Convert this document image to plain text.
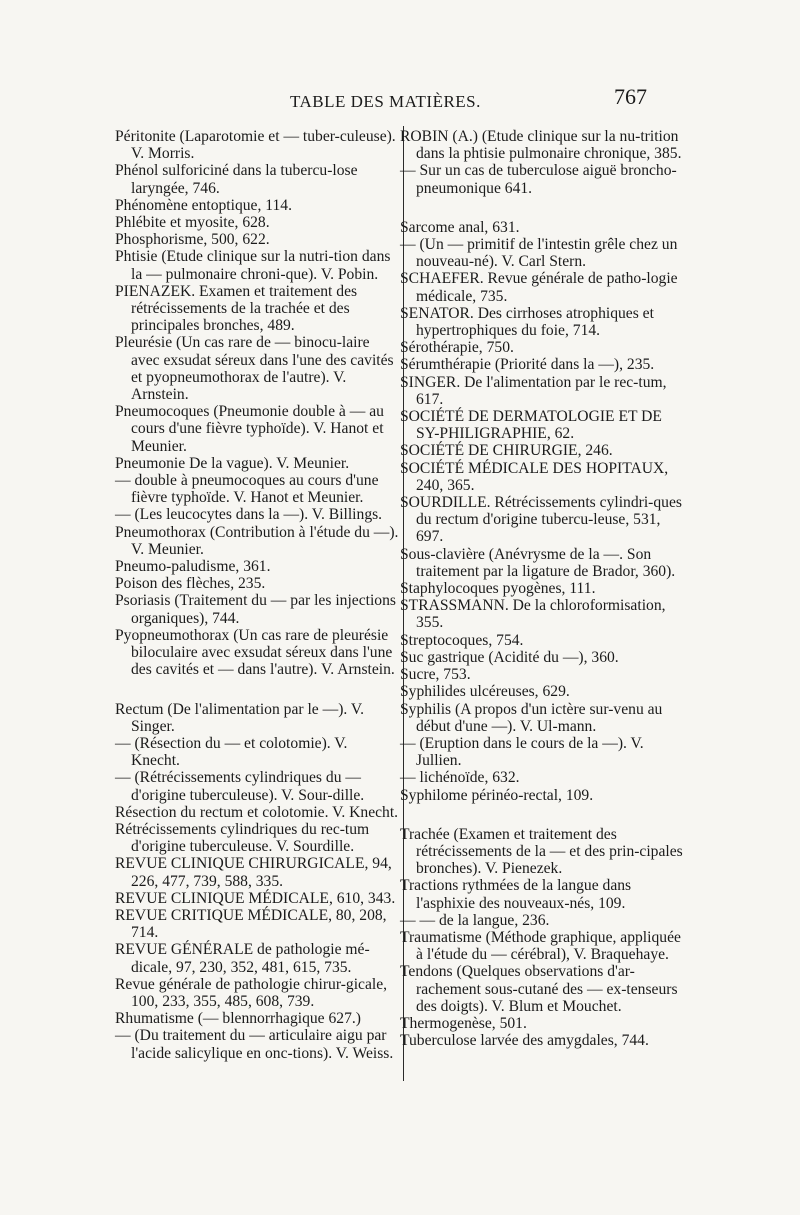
TABLE DES MATIÈRES.	767

Péritonite (Laparotomie et — tuber-culeuse). V. Morris.

Phénol sulforiciné dans la tubercu-lose laryngée, 746.

Phénomène entoptique, 114.

Phlébite et myosite, 628.

Phosphorisme, 500, 622.

Phtisie (Etude clinique sur la nutri-tion dans la — pulmonaire chroni-que). V. Pobin.

PIENAZEK. Examen et traitement des rétrécissements de la trachée et des principales bronches, 489.

Pleurésie (Un cas rare de — binocu-laire avec exsudat séreux dans l'une des cavités et pyopneumothorax de l'autre). V. Arnstein.

Pneumocoques (Pneumonie double à — au cours d'une fièvre typhoïde). V. Hanot et Meunier.

Pneumonie De la vague). V. Meunier.

— double à pneumocoques au cours d'une fièvre typhoïde. V. Hanot et Meunier.

— (Les leucocytes dans la —). V. Billings.

Pneumothorax (Contribution à l'étude du —). V. Meunier.

Pneumo-paludisme, 361.

Poison des flèches, 235.

Psoriasis (Traitement du — par les injections organiques), 744.

Pyopneumothorax (Un cas rare de pleurésie biloculaire avec exsudat séreux dans l'une des cavités et — dans l'autre). V. Arnstein.

Rectum (De l'alimentation par le —). V. Singer.

— (Résection du — et colotomie). V. Knecht.

— (Rétrécissements cylindriques du — d'origine tuberculeuse). V. Sour-dille.

Résection du rectum et colotomie. V. Knecht.

Rétrécissements cylindriques du rec-tum d'origine tuberculeuse. V. Sourdille.

REVUE CLINIQUE CHIRURGICALE, 94, 226, 477, 739, 588, 335.

REVUE CLINIQUE MÉDICALE, 610, 343.

REVUE CRITIQUE MÉDICALE, 80, 208, 714.

REVUE GÉNÉRALE de pathologie mé-dicale, 97, 230, 352, 481, 615, 735.

Revue générale de pathologie chirur-gicale, 100, 233, 355, 485, 608, 739.

Rhumatisme (— blennorrhagique 627.)

— (Du traitement du — articulaire aigu par l'acide salicylique en onc-tions). V. Weiss.

ROBIN (A.) (Etude clinique sur la nu-trition dans la phtisie pulmonaire chronique, 385.

— Sur un cas de tuberculose aiguë broncho-pneumonique 641.

Sarcome anal, 631.

— (Un — primitif de l'intestin grêle chez un nouveau-né). V. Carl Stern.

SCHAEFER. Revue générale de patho-logie médicale, 735.

SENATOR. Des cirrhoses atrophiques et hypertrophiques du foie, 714.

Sérothérapie, 750.

Sérumthérapie (Priorité dans la —), 235.

SINGER. De l'alimentation par le rec-tum, 617.

SOCIÉTÉ DE DERMATOLOGIE ET DE SY-PHILIGRAPHIE, 62.

SOCIÉTÉ DE CHIRURGIE, 246.

SOCIÉTÉ MÉDICALE DES HOPITAUX, 240, 365.

SOURDILLE. Rétrécissements cylindri-ques du rectum d'origine tubercu-leuse, 531, 697.

Sous-clavière (Anévrysme de la —. Son traitement par la ligature de Brador, 360).

Staphylocoques pyogènes, 111.

STRASSMANN. De la chloroformisation, 355.

Streptocoques, 754.

Suc gastrique (Acidité du —), 360.

Sucre, 753.

Syphilides ulcéreuses, 629.

Syphilis (A propos d'un ictère sur-venu au début d'une —). V. Ul-mann.

— (Eruption dans le cours de la —). V. Jullien.

— lichénoïde, 632.

Syphilome périnéo-rectal, 109.

Trachée (Examen et traitement des rétrécissements de la — et des prin-cipales bronches). V. Pienezek.

Tractions rythmées de la langue dans l'asphixie des nouveaux-nés, 109.

— — de la langue, 236.

Traumatisme (Méthode graphique, appliquée à l'étude du — cérébral), V. Braquehaye.

Tendons (Quelques observations d'ar-rachement sous-cutané des — ex-tenseurs des doigts). V. Blum et Mouchet.

Thermogenèse, 501.

Tuberculose larvée des amygdales, 744.
